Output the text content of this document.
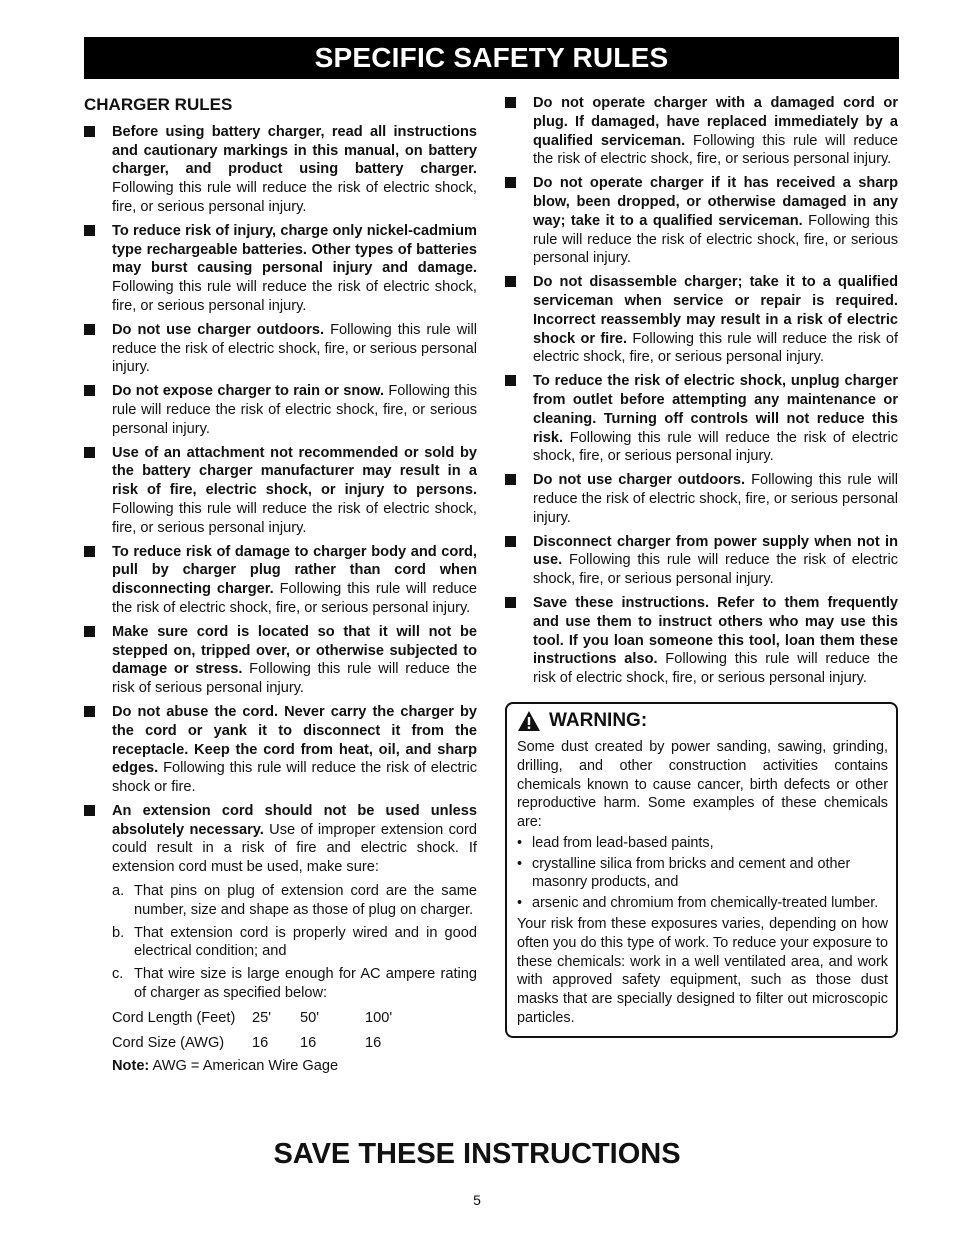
SPECIFIC SAFETY RULES
CHARGER RULES
Before using battery charger, read all instructions and cautionary markings in this manual, on battery charger, and product using battery charger. Following this rule will reduce the risk of electric shock, fire, or serious personal injury.
To reduce risk of injury, charge only nickel-cadmium type rechargeable batteries. Other types of batteries may burst causing personal injury and damage. Following this rule will reduce the risk of electric shock, fire, or serious personal injury.
Do not use charger outdoors. Following this rule will reduce the risk of electric shock, fire, or serious personal injury.
Do not expose charger to rain or snow. Following this rule will reduce the risk of electric shock, fire, or serious personal injury.
Use of an attachment not recommended or sold by the battery charger manufacturer may result in a risk of fire, electric shock, or injury to persons. Following this rule will reduce the risk of electric shock, fire, or serious personal injury.
To reduce risk of damage to charger body and cord, pull by charger plug rather than cord when disconnecting charger. Following this rule will reduce the risk of electric shock, fire, or serious personal injury.
Make sure cord is located so that it will not be stepped on, tripped over, or otherwise subjected to damage or stress. Following this rule will reduce the risk of serious personal injury.
Do not abuse the cord. Never carry the charger by the cord or yank it to disconnect it from the receptacle. Keep the cord from heat, oil, and sharp edges. Following this rule will reduce the risk of electric shock or fire.
An extension cord should not be used unless absolutely necessary. Use of improper extension cord could result in a risk of fire and electric shock. If extension cord must be used, make sure:
a. That pins on plug of extension cord are the same number, size and shape as those of plug on charger.
b. That extension cord is properly wired and in good electrical condition; and
c. That wire size is large enough for AC ampere rating of charger as specified below:
Cord Length (Feet) 25' 50'	100'
Cord Size (AWG) 16 16	16
Note: AWG = American Wire Gage
Do not operate charger with a damaged cord or plug. If damaged, have replaced immediately by a qualified serviceman. Following this rule will reduce the risk of electric shock, fire, or serious personal injury.
Do not operate charger if it has received a sharp blow, been dropped, or otherwise damaged in any way; take it to a qualified serviceman. Following this rule will reduce the risk of electric shock, fire, or serious personal injury.
Do not disassemble charger; take it to a qualified serviceman when service or repair is required. Incorrect reassembly may result in a risk of electric shock or fire. Following this rule will reduce the risk of electric shock, fire, or serious personal injury.
To reduce the risk of electric shock, unplug charger from outlet before attempting any maintenance or cleaning. Turning off controls will not reduce this risk. Following this rule will reduce the risk of electric shock, fire, or serious personal injury.
Do not use charger outdoors. Following this rule will reduce the risk of electric shock, fire, or serious personal injury.
Disconnect charger from power supply when not in use. Following this rule will reduce the risk of electric shock, fire, or serious personal injury.
Save these instructions. Refer to them frequently and use them to instruct others who may use this tool. If you loan someone this tool, loan them these instructions also. Following this rule will reduce the risk of electric shock, fire, or serious personal injury.
WARNING:
Some dust created by power sanding, sawing, grinding, drilling, and other construction activities contains chemicals known to cause cancer, birth defects or other reproductive harm. Some examples of these chemicals are:
• lead from lead-based paints,
• crystalline silica from bricks and cement and other masonry products, and
• arsenic and chromium from chemically-treated lumber.
Your risk from these exposures varies, depending on how often you do this type of work. To reduce your exposure to these chemicals: work in a well ventilated area, and work with approved safety equipment, such as those dust masks that are specially designed to filter out microscopic particles.
SAVE THESE INSTRUCTIONS
5
